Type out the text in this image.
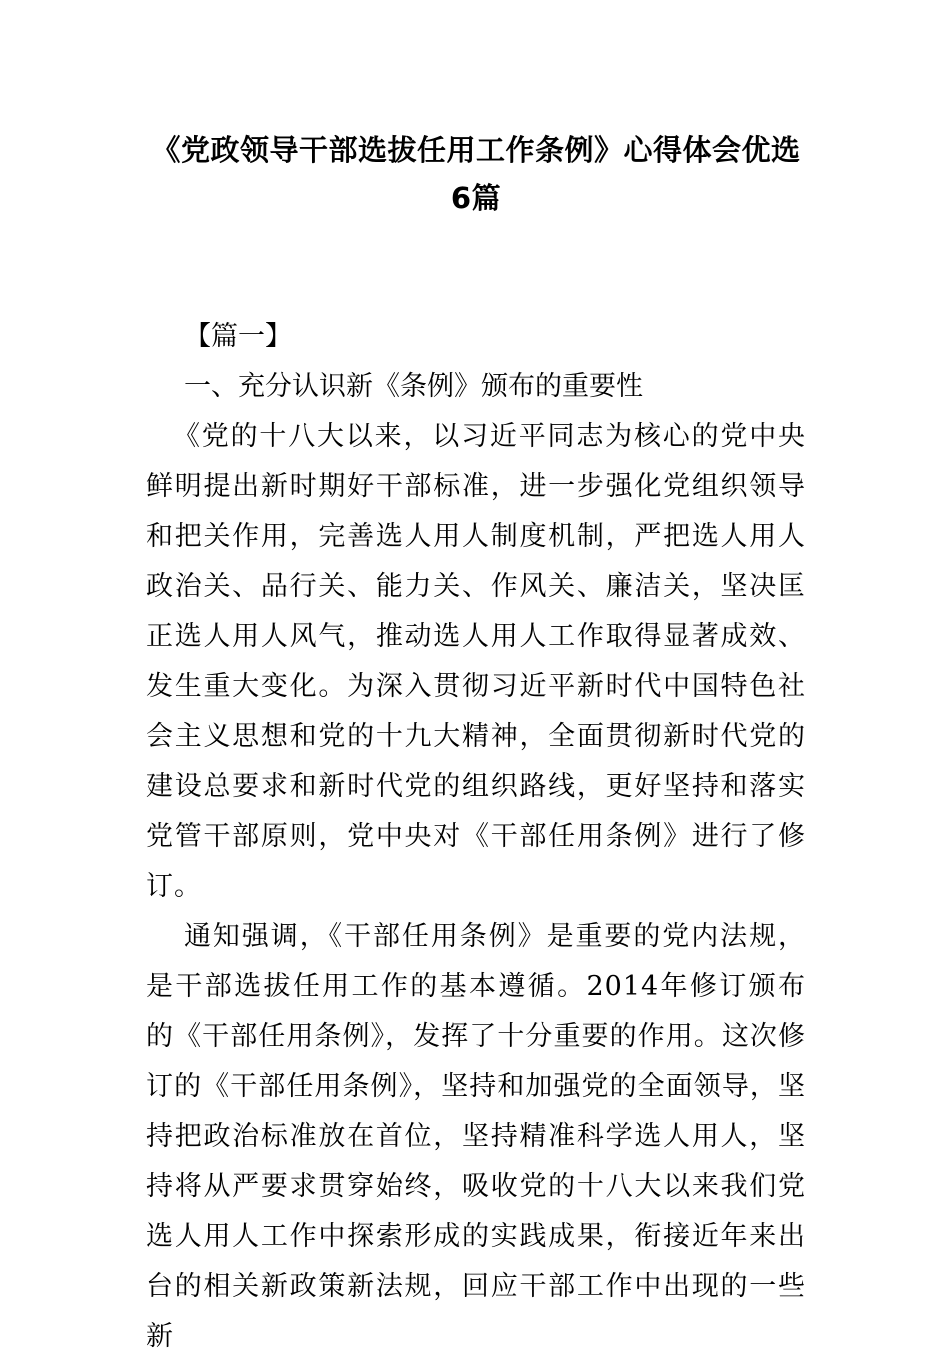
《党政领导干部选拔任用工作条例》心得体会优选
6篇

【篇一】

一、充分认识新《条例》颁布的重要性

《党的十八大以来，以习近平同志为核心的党中央鲜明提出新时期好干部标准，进一步强化党组织领导和把关作用，完善选人用人制度机制，严把选人用人政治关、品行关、能力关、作风关、廉洁关，坚决匡正选人用人风气，推动选人用人工作取得显著成效、发生重大变化。为深入贯彻习近平新时代中国特色社会主义思想和党的十九大精神，全面贯彻新时代党的建设总要求和新时代党的组织路线，更好坚持和落实党管干部原则，党中央对《干部任用条例》进行了修订。

通知强调，《干部任用条例》是重要的党内法规，是干部选拔任用工作的基本遵循。2014年修订颁布的《干部任用条例》，发挥了十分重要的作用。这次修订的《干部任用条例》，坚持和加强党的全面领导，坚持把政治标准放在首位，坚持精准科学选人用人，坚持将从严要求贯穿始终，吸收党的十八大以来我们党选人用人工作中探索形成的实践成果，衔接近年来出台的相关新政策新法规，回应干部工作中出现的一些新
